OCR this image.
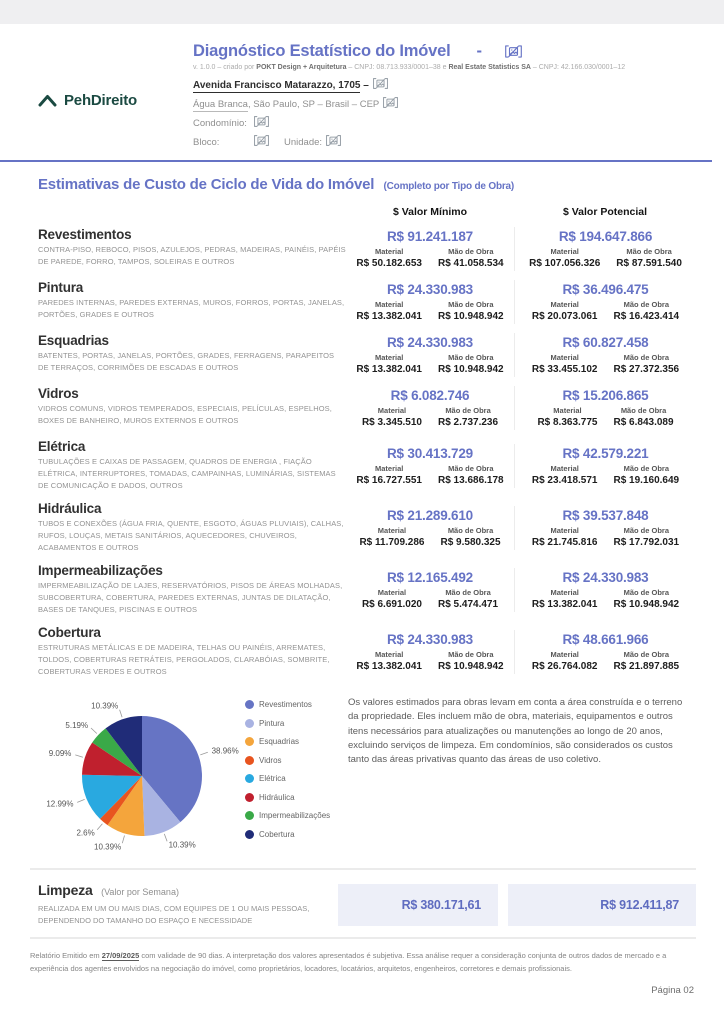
PehDireito
Diagnóstico Estatístico do Imóvel -
v. 1.0.0 – criado por POKT Design + Arquitetura – CNPJ: 08.713.933/0001–38 e Real Estate Statistics SA – CNPJ: 42.166.030/0001–12
Avenida Francisco Matarazzo, 1705 –
Água Branca, São Paulo, SP – Brasil – CEP
Condomínio:
Bloco:	Unidade:
Estimativas de Custo de Ciclo de Vida do Imóvel (Completo por Tipo de Obra)
$ Valor Mínimo	$ Valor Potencial
Revestimentos
CONTRA-PISO, REBOCO, PISOS, AZULEJOS, PEDRAS, MADEIRAS, PAINÉIS, PAPÉIS DE PAREDE, FORRO, TAMPOS, SOLEIRAS E OUTROS
R$ 91.241.187
Material
R$ 50.182.653
Mão de Obra
R$ 41.058.534
R$ 194.647.866
Material
R$ 107.056.326
Mão de Obra
R$ 87.591.540
Pintura
PAREDES INTERNAS, PAREDES EXTERNAS, MUROS, FORROS, PORTAS, JANELAS, PORTÕES, GRADES E OUTROS
R$ 24.330.983
Material
R$ 13.382.041
Mão de Obra
R$ 10.948.942
R$ 36.496.475
Material
R$ 20.073.061
Mão de Obra
R$ 16.423.414
Esquadrias
BATENTES, PORTAS, JANELAS, PORTÕES, GRADES, FERRAGENS, PARAPEITOS DE TERRAÇOS, CORRIMÕES DE ESCADAS E OUTROS
R$ 24.330.983
Material
R$ 13.382.041
Mão de Obra
R$ 10.948.942
R$ 60.827.458
Material
R$ 33.455.102
Mão de Obra
R$ 27.372.356
Vidros
VIDROS COMUNS, VIDROS TEMPERADOS, ESPECIAIS, PELÍCULAS, ESPELHOS, BOXES DE BANHEIRO, MUROS EXTERNOS E OUTROS
R$ 6.082.746
Material
R$ 3.345.510
Mão de Obra
R$ 2.737.236
R$ 15.206.865
Material
R$ 8.363.775
Mão de Obra
R$ 6.843.089
Elétrica
TUBULAÇÕES E CAIXAS DE PASSAGEM, QUADROS DE ENERGIA , FIAÇÃO ELÉTRICA, INTERRUPTORES, TOMADAS, CAMPAINHAS, LUMINÁRIAS, SISTEMAS DE COMUNICAÇÃO E DADOS, OUTROS
R$ 30.413.729
Material
R$ 16.727.551
Mão de Obra
R$ 13.686.178
R$ 42.579.221
Material
R$ 23.418.571
Mão de Obra
R$ 19.160.649
Hidráulica
TUBOS E CONEXÕES (ÁGUA FRIA, QUENTE, ESGOTO, ÁGUAS PLUVIAIS), CALHAS, RUFOS, LOUÇAS, METAIS SANITÁRIOS, AQUECEDORES, CHUVEIROS, ACABAMENTOS E OUTROS
R$ 21.289.610
Material
R$ 11.709.286
Mão de Obra
R$ 9.580.325
R$ 39.537.848
Material
R$ 21.745.816
Mão de Obra
R$ 17.792.031
Impermeabilizações
IMPERMEABILIZAÇÃO DE LAJES, RESERVATÓRIOS, PISOS DE ÁREAS MOLHADAS, SUBCOBERTURA, COBERTURA, PAREDES EXTERNAS, JUNTAS DE DILATAÇÃO, BASES DE TANQUES, PISCINAS E OUTROS
R$ 12.165.492
Material
R$ 6.691.020
Mão de Obra
R$ 5.474.471
R$ 24.330.983
Material
R$ 13.382.041
Mão de Obra
R$ 10.948.942
Cobertura
ESTRUTURAS METÁLICAS E DE MADEIRA, TELHAS OU PAINÉIS, ARREMATES, TOLDOS, COBERTURAS RETRÁTEIS, PERGOLADOS, CLARABÓIAS, SOMBRITE, COBERTURAS VERDES E OUTROS
R$ 24.330.983
Material
R$ 13.382.041
Mão de Obra
R$ 10.948.942
R$ 48.661.966
Material
R$ 26.764.082
Mão de Obra
R$ 21.897.885
38.96%
10.39%
10.39%
2.6%
12.99%
9.09%
5.19%
10.39%	Revestimentos
Pintura
Esquadrias
Vidros
Elétrica
Hidráulica
Impermeabilizações
Cobertura
Os valores estimados para obras levam em conta a área construída e o terreno da propriedade. Eles incluem mão de obra, materiais, equipamentos e outros itens necessários para atualizações ou manutenções ao longo de 20 anos, excluindo serviços de limpeza. Em condomínios, são considerados os custos tanto das áreas privativas quanto das áreas de uso coletivo.
Limpeza (Valor por Semana)
REALIZADA EM UM OU MAIS DIAS, COM EQUIPES DE 1 OU MAIS PESSOAS, DEPENDENDO DO TAMANHO DO ESPAÇO E NECESSIDADE
R$ 380.171,61	R$ 912.411,87
Relatório Emitido em 27/09/2025 com validade de 90 dias. A interpretação dos valores apresentados é subjetiva. Essa análise requer a consideração conjunta de outros dados de mercado e a experiência dos agentes envolvidos na negociação do imóvel, como proprietários, locadores, locatários, arquitetos, engenheiros, corretores e demais profissionais.
Página 02
